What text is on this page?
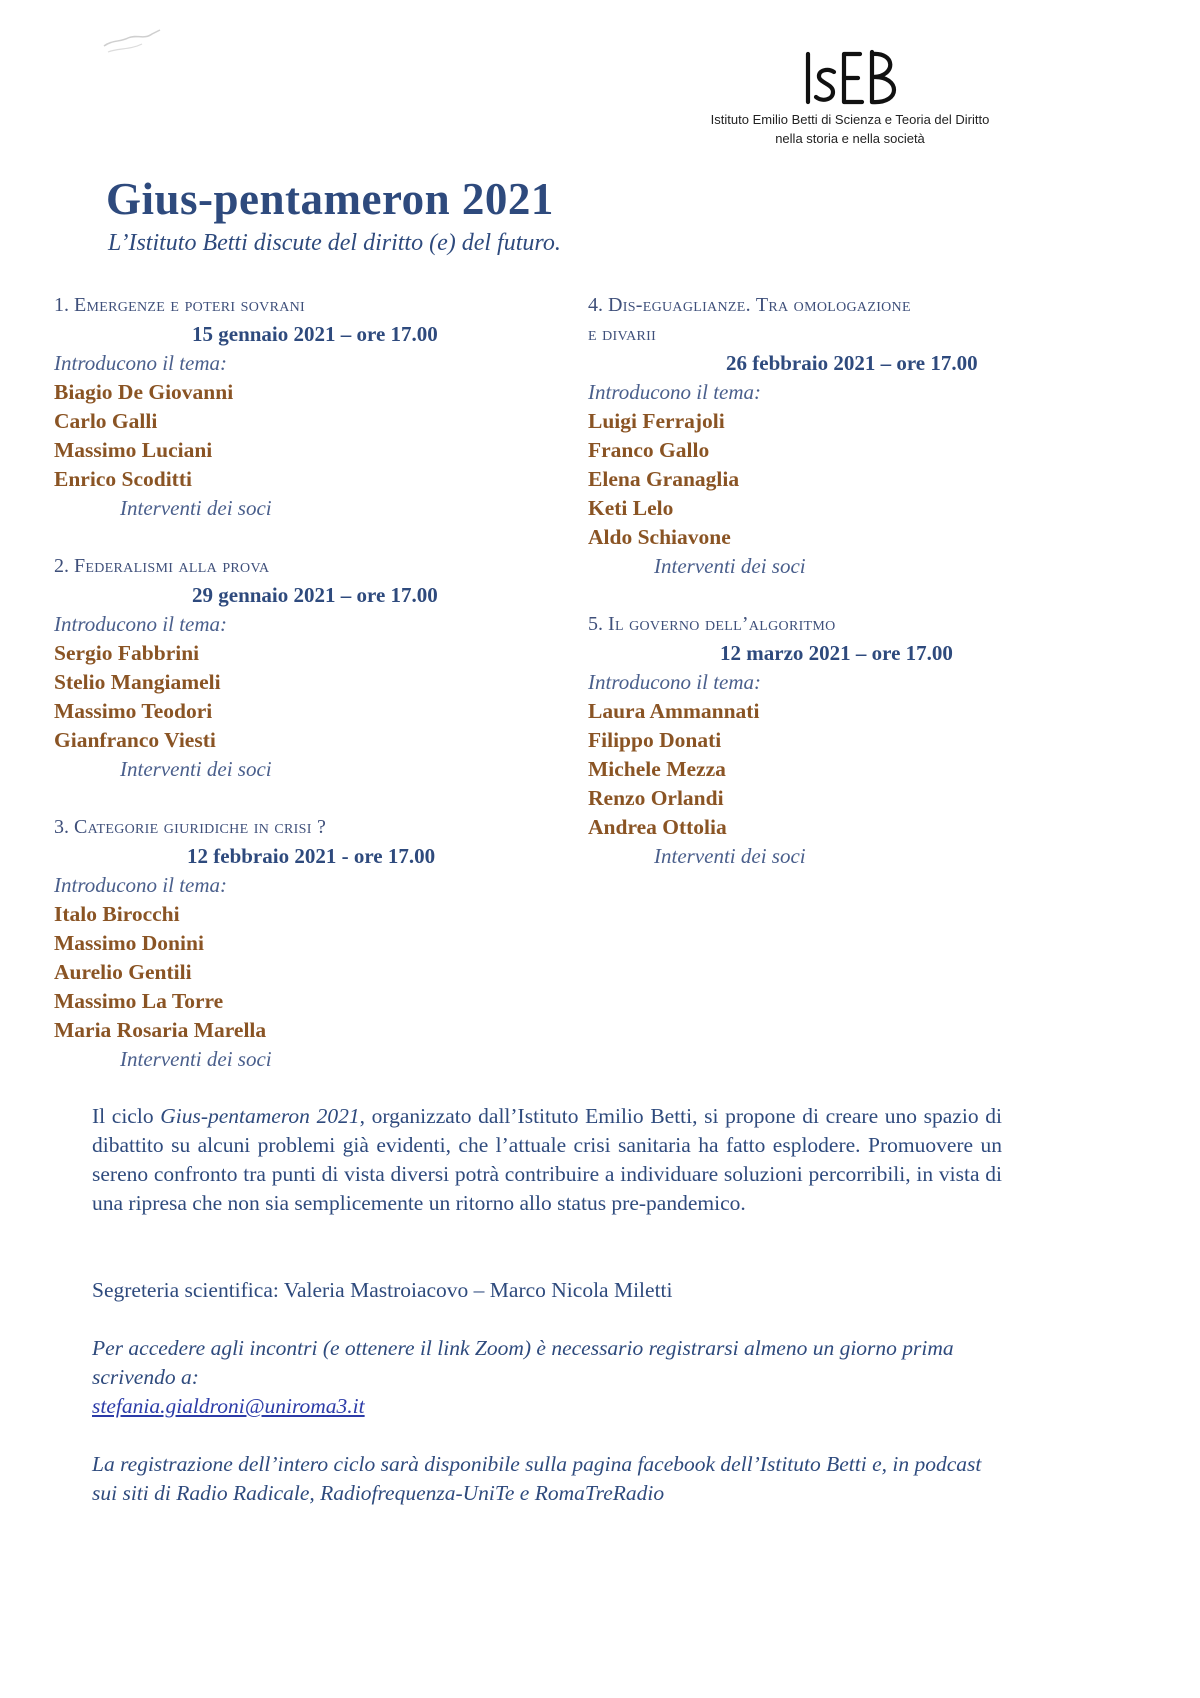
Istituto Emilio Betti di Scienza e Teoria del Diritto
nella storia e nella società
Gius-pentameron 2021
L’Istituto Betti discute del diritto (e) del futuro.
1. Emergenze e poteri sovrani
15 gennaio 2021 – ore 17.00
Introducono il tema:
Biagio De Giovanni
Carlo Galli
Massimo Luciani
Enrico Scoditti
Interventi dei soci
2. Federalismi alla prova
29 gennaio 2021 – ore 17.00
Introducono il tema:
Sergio Fabbrini
Stelio Mangiameli
Massimo Teodori
Gianfranco Viesti
Interventi dei soci
3. Categorie giuridiche in crisi ?
12 febbraio 2021 - ore 17.00
Introducono il tema:
Italo Birocchi
Massimo Donini
Aurelio Gentili
Massimo La Torre
Maria Rosaria Marella
Interventi dei soci
4. Dis-eguaglianze. Tra omologazione
e divarii
26 febbraio 2021 – ore 17.00
Introducono il tema:
Luigi Ferrajoli
Franco Gallo
Elena Granaglia
Keti Lelo
Aldo Schiavone
Interventi dei soci
5. Il governo dell’algoritmo
12 marzo 2021 – ore 17.00
Introducono il tema:
Laura Ammannati
Filippo Donati
Michele Mezza
Renzo Orlandi
Andrea Ottolia
Interventi dei soci
Il ciclo Gius-pentameron 2021, organizzato dall’Istituto Emilio Betti, si propone di creare uno spazio di dibattito su alcuni problemi già evidenti, che l’attuale crisi sanitaria ha fatto esplodere. Promuovere un sereno confronto tra punti di vista diversi potrà contribuire a individuare soluzioni percorribili, in vista di una ripresa che non sia semplicemente un ritorno allo status pre-pandemico.
Segreteria scientifica: Valeria Mastroiacovo – Marco Nicola Miletti
Per accedere agli incontri (e ottenere il link Zoom) è necessario registrarsi almeno un giorno prima scrivendo a:
stefania.gialdroni@uniroma3.it
La registrazione dell’intero ciclo sarà disponibile sulla pagina facebook dell’Istituto Betti e, in podcast sui siti di Radio Radicale, Radiofrequenza-UniTe e RomaTreRadio
